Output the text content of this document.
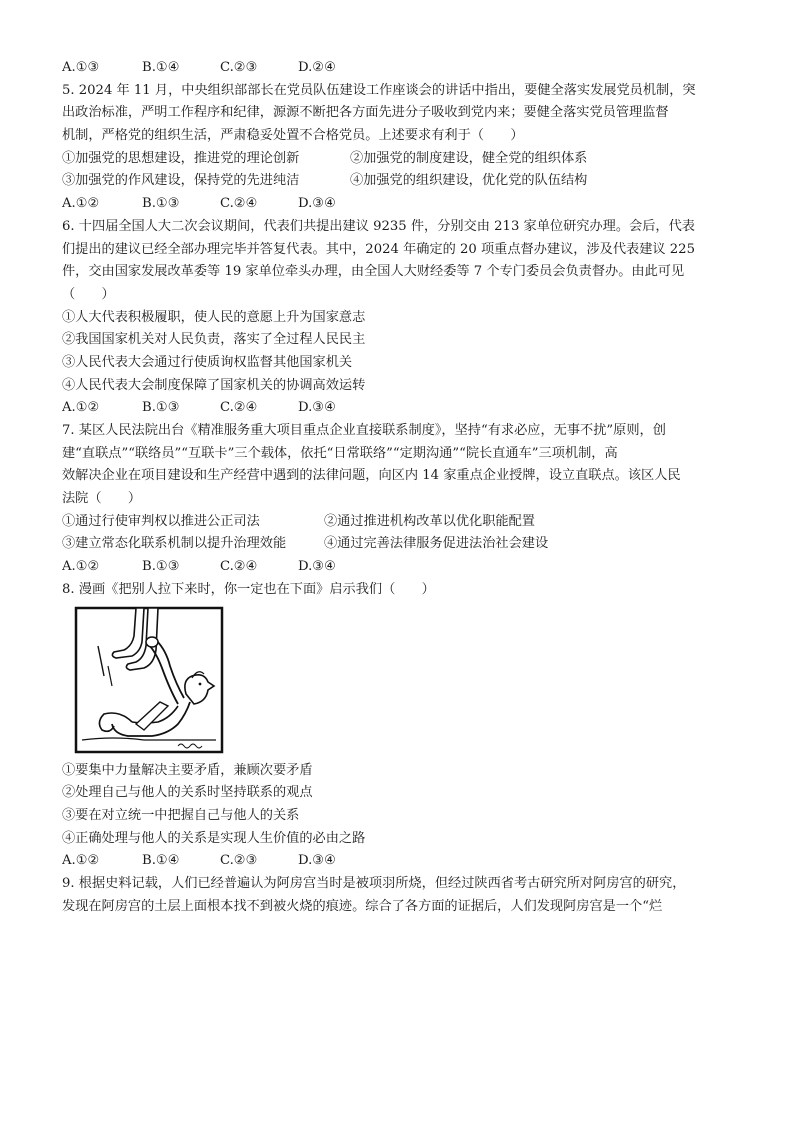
A.①③	B.①④	C.②③	D.②④
5. 2024 年 11 月，中央组织部部长在党员队伍建设工作座谈会的讲话中指出，要健全落实发展党员机制，突
出政治标准，严明工作程序和纪律，源源不断把各方面先进分子吸收到党内来；要健全落实党员管理监督
机制，严格党的组织生活，严肃稳妥处置不合格党员。上述要求有利于（　　）
①加强党的思想建设，推进党的理论创新	②加强党的制度建设，健全党的组织体系
③加强党的作风建设，保持党的先进纯洁	④加强党的组织建设，优化党的队伍结构
A.①②	B.①③	C.②④	D.③④
6. 十四届全国人大二次会议期间，代表们共提出建议 9235 件，分别交由 213 家单位研究办理。会后，代表
们提出的建议已经全部办理完毕并答复代表。其中，2024 年确定的 20 项重点督办建议，涉及代表建议 225
件，交由国家发展改革委等 19 家单位牵头办理，由全国人大财经委等 7 个专门委员会负责督办。由此可见
（　　）
①人大代表积极履职，使人民的意愿上升为国家意志
②我国国家机关对人民负责，落实了全过程人民民主
③人民代表大会通过行使质询权监督其他国家机关
④人民代表大会制度保障了国家机关的协调高效运转
A.①②	B.①③	C.②④	D.③④
7. 某区人民法院出台《精准服务重大项目重点企业直接联系制度》，坚持“有求必应，无事不扰”原则，创
建“直联点”“联络员”“互联卡”三个载体，依托“日常联络”“定期沟通”“院长直通车”三项机制，高
效解决企业在项目建设和生产经营中遇到的法律问题，向区内 14 家重点企业授牌，设立直联点。该区人民
法院（　　）
①通过行使审判权以推进公正司法	②通过推进机构改革以优化职能配置
③建立常态化联系机制以提升治理效能	④通过完善法律服务促进法治社会建设
A.①②	B.①③	C.②④	D.③④
8. 漫画《把别人拉下来时，你一定也在下面》启示我们（　　）
①要集中力量解决主要矛盾，兼顾次要矛盾
②处理自己与他人的关系时坚持联系的观点
③要在对立统一中把握自己与他人的关系
④正确处理与他人的关系是实现人生价值的必由之路
A.①②	B.①④	C.②③	D.③④
9. 根据史料记载，人们已经普遍认为阿房宫当时是被项羽所烧，但经过陕西省考古研究所对阿房宫的研究，
发现在阿房宫的土层上面根本找不到被火烧的痕迹。综合了各方面的证据后，人们发现阿房宫是一个“烂
